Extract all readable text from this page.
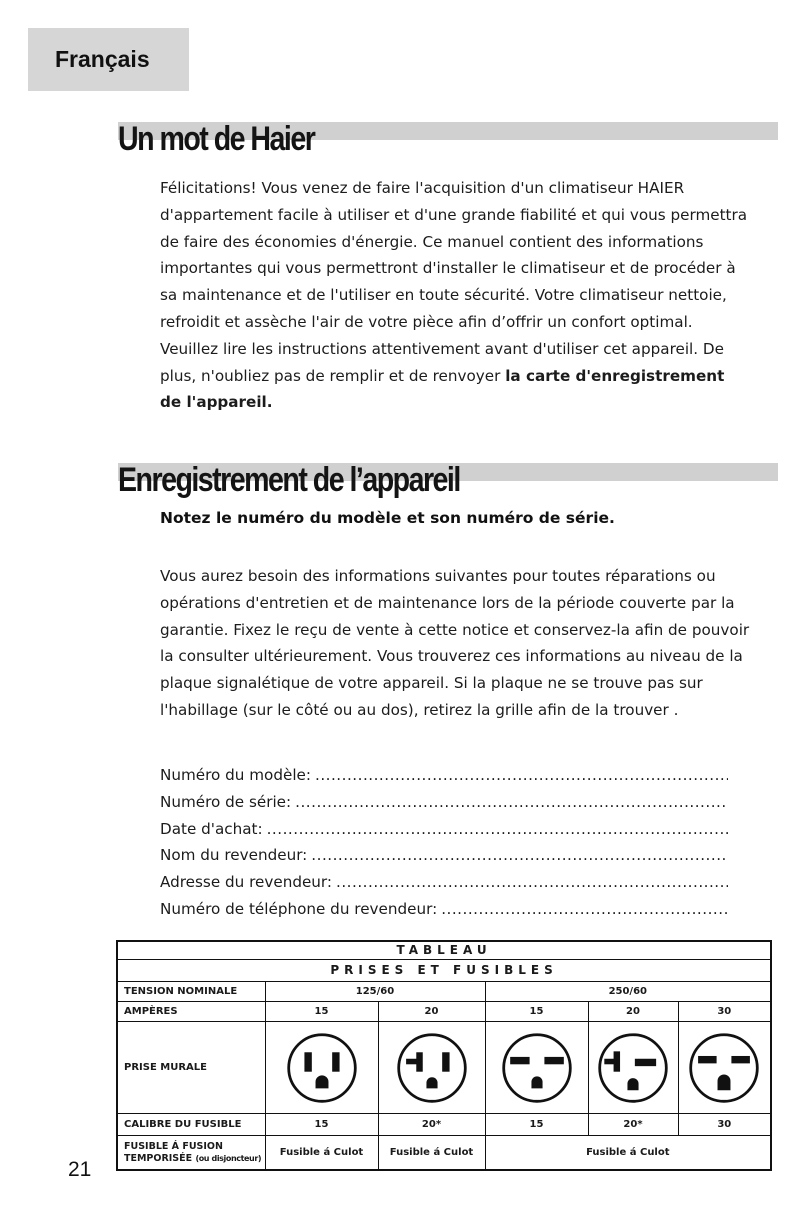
Français
Un mot de Haier

Félicitations! Vous venez de faire l'acquisition d'un climatiseur HAIER d'appartement facile à utiliser et d'une grande fiabilité et qui vous permettra de faire des économies d'énergie. Ce manuel contient des informations importantes qui vous permettront d'installer le climatiseur et de procéder à sa maintenance et de l'utiliser en toute sécurité. Votre climatiseur nettoie, refroidit et assèche l'air de votre pièce afin d’offrir un confort optimal.

Veuillez lire les instructions attentivement avant d'utiliser cet appareil. De plus, n'oubliez pas de remplir et de renvoyer la carte d'enregistrement de l'appareil.

Enregistrement de l’appareil
Notez le numéro du modèle et son numéro de série.

Vous aurez besoin des informations suivantes pour toutes réparations ou opérations d'entretien et de maintenance lors de la période couverte par la garantie. Fixez le reçu de vente à cette notice et conservez-la afin de pouvoir la consulter ultérieurement. Vous trouverez ces informations au niveau de la plaque signalétique de votre appareil. Si la plaque ne se trouve pas sur l'habillage (sur le côté ou au dos), retirez la grille afin de la trouver .

Numéro du modèle:
.....
Numéro de série:
.....
Date d'achat:
.....
Nom du revendeur:
.....
Adresse du revendeur:
.....
Numéro de téléphone du revendeur:
.....
TABLEAU					
PRISES ET FUSIBLES					
TENSION NOMINALE	125/60		250/60		
AMPÈRES	15	20	15	20	30
PRISE MURALE	

CALIBRE DU FUSIBLE	15	20*	15	20*	30

FUSIBLE Á FUSION
TEMPORISÉE (ou disjoncteur)	Fusible á Culot	Fusible á Culot	Fusible á Culot		
21
